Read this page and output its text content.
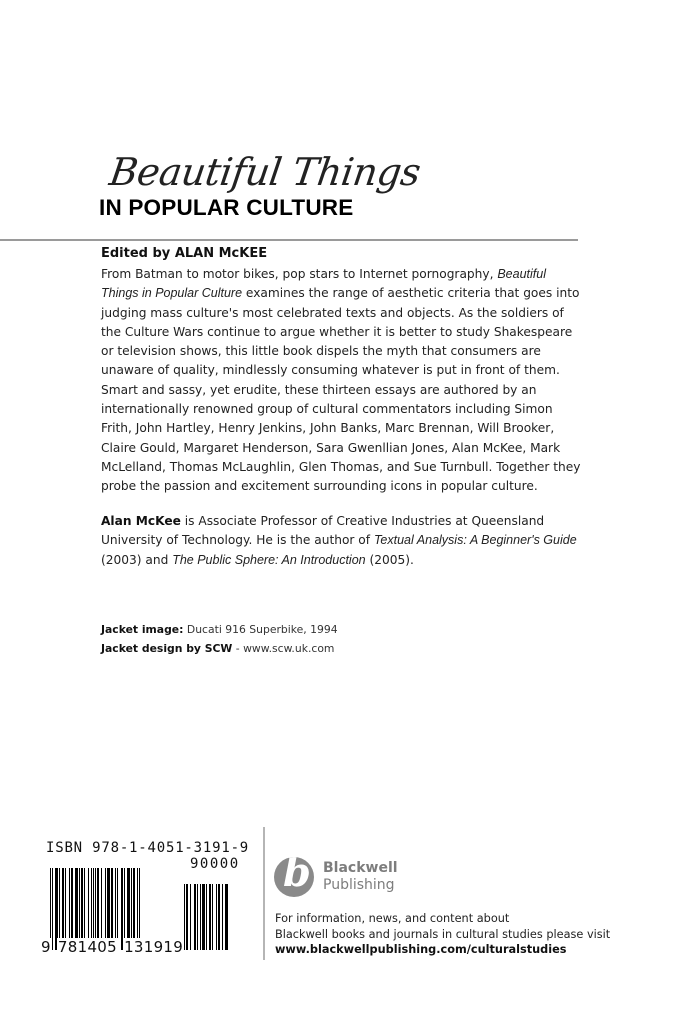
Beautiful Things
IN POPULAR CULTURE
Edited by ALAN McKEE
From Batman to motor bikes, pop stars to Internet pornography, Beautiful Things in Popular Culture examines the range of aesthetic criteria that goes into judging mass culture's most celebrated texts and objects. As the soldiers of the Culture Wars continue to argue whether it is better to study Shakespeare or television shows, this little book dispels the myth that consumers are unaware of quality, mindlessly consuming whatever is put in front of them. Smart and sassy, yet erudite, these thirteen essays are authored by an internationally renowned group of cultural commentators including Simon Frith, John Hartley, Henry Jenkins, John Banks, Marc Brennan, Will Brooker, Claire Gould, Margaret Henderson, Sara Gwenllian Jones, Alan McKee, Mark McLelland, Thomas McLaughlin, Glen Thomas, and Sue Turnbull. Together they probe the passion and excitement surrounding icons in popular culture.
Alan McKee is Associate Professor of Creative Industries at Queensland University of Technology. He is the author of Textual Analysis: A Beginner's Guide (2003) and The Public Sphere: An Introduction (2005).
Jacket image: Ducati 916 Superbike, 1994
Jacket design by SCW - www.scw.uk.com
ISBN 978-1-4051-3191-9
90000
9 781405 131919
b Blackwell
Publishing
For information, news, and content about
Blackwell books and journals in cultural studies please visit
www.blackwellpublishing.com/culturalstudies
